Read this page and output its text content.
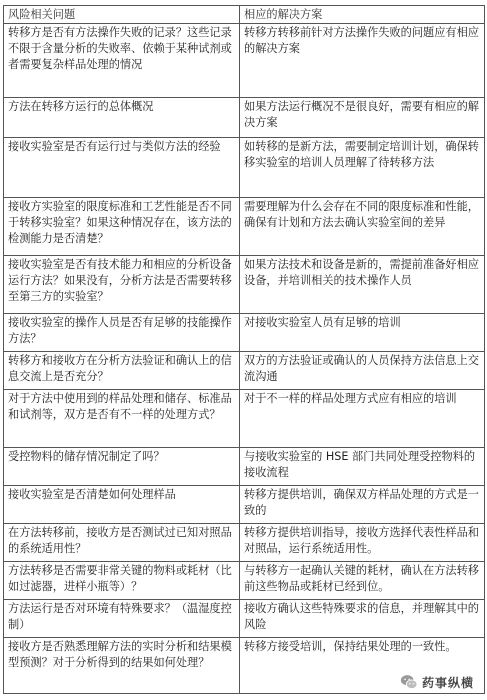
风险相关问题	相应的解决方案
转移方是否有方法操作失败的记录？这些记录不限于含量分析的失败率、依赖于某种试剂或者需要复杂样品处理的情况	转移方转移前针对方法操作失败的问题应有相应的解决方案
方法在转移方运行的总体概况	如果方法运行概况不是很良好，需要有相应的解决方案
接收实验室是否有运行过与类似方法的经验	如转移的是新方法，需要制定培训计划，确保转移实验室的培训人员理解了待转移方法
接收方实验室的限度标准和工艺性能是否不同于转移实验室？如果这种情况存在，该方法的检测能力是否清楚？	需要理解为什么会存在不同的限度标准和性能，确保有计划和方法去确认实验室间的差异
接收实验室是否有技术能力和相应的分析设备运行方法？如果没有，分析方法是否需要转移至第三方的实验室？	如果方法技术和设备是新的，需提前准备好相应设备，并培训相关的技术操作人员
接收实验室的操作人员是否有足够的技能操作方法？	对接收实验室人员有足够的培训
转移方和接收方在分析方法验证和确认上的信息交流上是否充分？	双方的方法验证或确认的人员保持方法信息上交流沟通
对于方法中使用到的样品处理和储存、标准品和试剂等，双方是否有不一样的处理方式？	对于不一样的样品处理方式应有相应的培训
受控物料的储存情况制定了吗？	与接收实验室的 HSE 部门共同处理受控物料的接收流程
接收实验室是否清楚如何处理样品	转移方提供培训，确保双方样品处理的方式是一致的
在方法转移前，接收方是否测试过已知对照品的系统适用性？	转移方提供培训指导，接收方选择代表性样品和对照品，运行系统适用性。
方法转移是否需要非常关键的物料或耗材（比如过滤器，进样小瓶等）？	与转移方一起确认关键的耗材，确认在方法转移前这些物品或耗材已经到位。
方法运行是否对环境有特殊要求？（温湿度控制）	接收方确认这些特殊要求的信息，并理解其中的风险
接收方是否熟悉理解方法的实时分析和结果模型预测？对于分析得到的结果如何处理？	转移方接受培训，保持结果处理的一致性。
药事纵横
